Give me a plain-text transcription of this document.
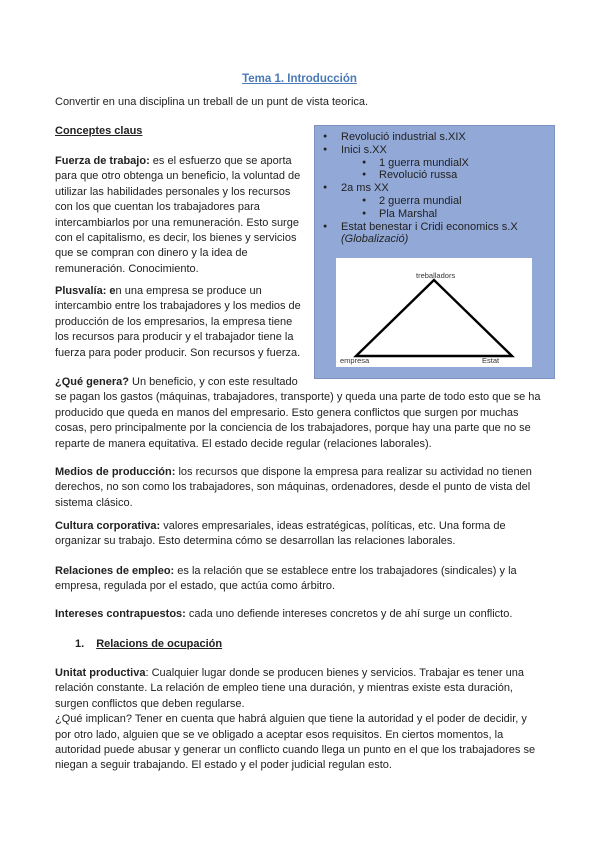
Tema 1. Introducción
Convertir en una disciplina un treball de un punt de vista teorica.
Conceptes claus
Fuerza de trabajo: es el esfuerzo que se aporta
para que otro obtenga un beneficio, la voluntad de
utilizar las habilidades personales y los recursos
con los que cuentan los trabajadores para
intercambiarlos por una remuneración. Esto surge
con el capitalismo, es decir, los bienes y servicios
que se compran con dinero y la idea de
remuneración. Conocimiento.
Plusvalía: en una empresa se produce un
intercambio entre los trabajadores y los medios de
producción de los empresarios, la empresa tiene
los recursos para producir y el trabajador tiene la
fuerza para poder producir. Son recursos y fuerza.
¿Qué genera? Un beneficio, y con este resultado
se pagan los gastos (máquinas, trabajadores, transporte) y queda una parte de todo esto que se ha
producido que queda en manos del empresario. Esto genera conflictos que surgen por muchas
cosas, pero principalmente por la conciencia de los trabajadores, porque hay una parte que no se
reparte de manera equitativa. El estado decide regular (relaciones laborales).
Medios de producción: los recursos que dispone la empresa para realizar su actividad no tienen
derechos, no son como los trabajadores, son máquinas, ordenadores, desde el punto de vista del
sistema clásico.
Cultura corporativa: valores empresariales, ideas estratégicas, políticas, etc. Una forma de
organizar su trabajo. Esto determina cómo se desarrollan las relaciones laborales.
Relaciones de empleo: es la relación que se establece entre los trabajadores (sindicales) y la
empresa, regulada por el estado, que actúa como árbitro.
Intereses contrapuestos: cada uno defiende intereses concretos y de ahí surge un conflicto.
1. Relacions de ocupación
Unitat productiva: Cualquier lugar donde se producen bienes y servicios. Trabajar es tener una
relación constante. La relación de empleo tiene una duración, y mientras existe esta duración,
surgen conflictos que deben regularse.
¿Qué implican? Tener en cuenta que habrá alguien que tiene la autoridad y el poder de decidir, y
por otro lado, alguien que se ve obligado a aceptar esos requisitos. En ciertos momentos, la
autoridad puede abusar y generar un conflicto cuando llega un punto en el que los trabajadores se
niegan a seguir trabajando. El estado y el poder judicial regulan esto.
● Revolució industrial s.XIX
● Inici s.XX
● 1 guerra mundialX
● Revolució russa
● 2a ms XX
● 2 guerra mundial
● Pla Marshal
● Estat benestar i Cridi economics s.X
(Globalizació)
treballadors
empresa	Estat
